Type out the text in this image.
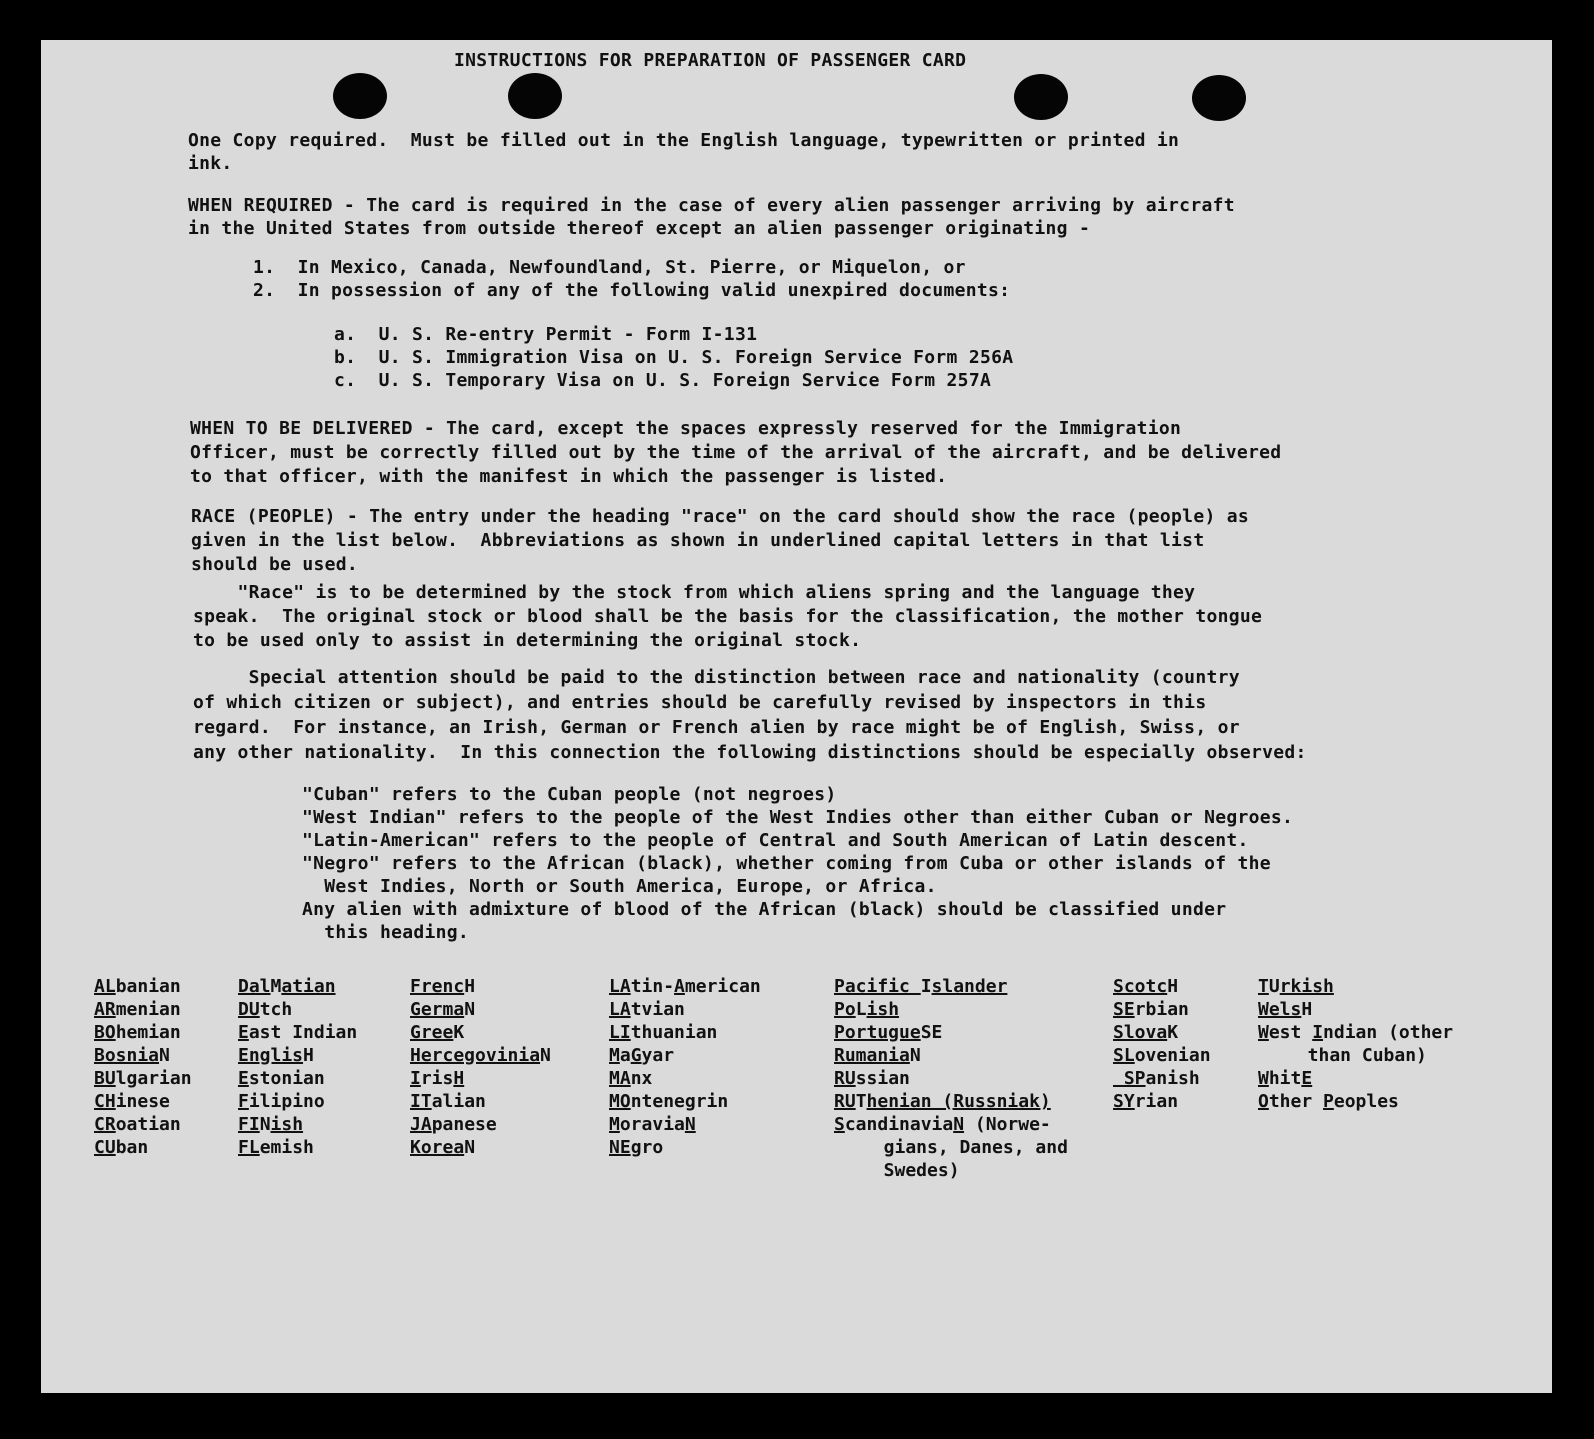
INSTRUCTIONS FOR PREPARATION OF PASSENGER CARD

One Copy required.  Must be filled out in the English language, typewritten or printed in
ink.

WHEN REQUIRED - The card is required in the case of every alien passenger arriving by aircraft
in the United States from outside thereof except an alien passenger originating -

1. In Mexico, Canada, Newfoundland, St. Pierre, or Miquelon, or
2. In possession of any of the following valid unexpired documents:

a. U. S. Re-entry Permit - Form I-131
b. U. S. Immigration Visa on U. S. Foreign Service Form 256A
c. U. S. Temporary Visa on U. S. Foreign Service Form 257A

WHEN TO BE DELIVERED - The card, except the spaces expressly reserved for the Immigration
Officer, must be correctly filled out by the time of the arrival of the aircraft, and be delivered
to that officer, with the manifest in which the passenger is listed.

RACE (PEOPLE) - The entry under the heading "race" on the card should show the race (people) as
given in the list below.  Abbreviations as shown in underlined capital letters in that list
should be used.

"Race" is to be determined by the stock from which aliens spring and the language they
speak.  The original stock or blood shall be the basis for the classification, the mother tongue
to be used only to assist in determining the original stock.

Special attention should be paid to the distinction between race and nationality (country
of which citizen or subject), and entries should be carefully revised by inspectors in this
regard.  For instance, an Irish, German or French alien by race might be of English, Swiss, or
any other nationality.  In this connection the following distinctions should be especially observed:

"Cuban" refers to the Cuban people (not negroes)
"West Indian" refers to the people of the West Indies other than either Cuban or Negroes.
"Latin-American" refers to the people of Central and South American of Latin descent.
"Negro" refers to the African (black), whether coming from Cuba or other islands of the
West Indies, North or South America, Europe, or Africa.
Any alien with admixture of blood of the African (black) should be classified under
this heading.
ALbanian
ARmenian
BOhemian
BosniaN
BUlgarian
CHinese
CRoatian
CUban
DalMatian
DUtch
East Indian
EnglisH
Estonian
Filipino
FINish
FLemish
FrencH
GermaN
GreeK
HercegoviniaN
IrisH
ITalian
JApanese
KoreaN
LAtin-American
LAtvian
LIthuanian
MaGyar
MAnx
MOntenegrin
MoraviaN
NEgro
Pacific Islander
PoLish
PortugueSE
RumaniaN
RUssian
RUThenian (Russniak)
ScandinaviaN (Norwe-
gians, Danes, and
Swedes)
ScotcH
SErbian
SlovaK
SLovenian
SPanish
SYrian
TUrkish
WelsH
West Indian (other
than Cuban)
WhitE
Other Peoples
